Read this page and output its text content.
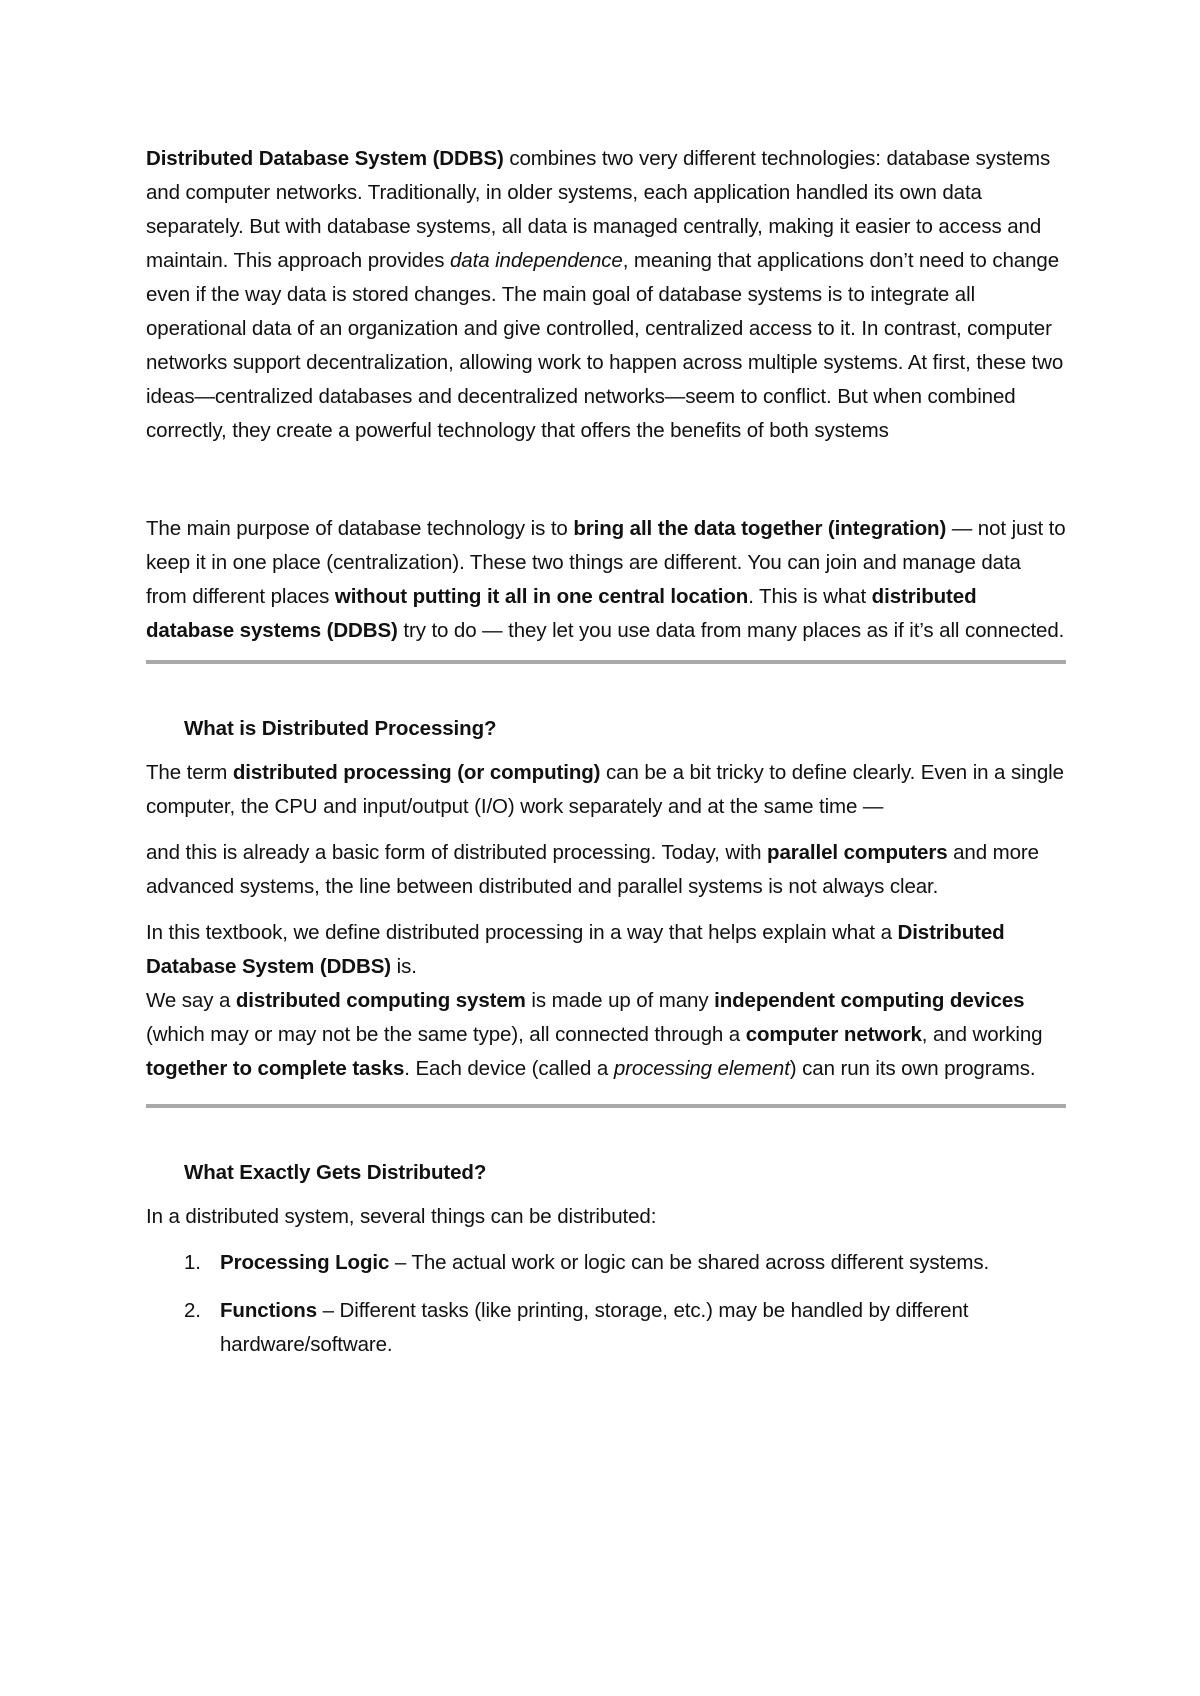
Distributed Database System (DDBS) combines two very different technologies: database systems and computer networks. Traditionally, in older systems, each application handled its own data separately. But with database systems, all data is managed centrally, making it easier to access and maintain. This approach provides data independence, meaning that applications don’t need to change even if the way data is stored changes. The main goal of database systems is to integrate all operational data of an organization and give controlled, centralized access to it. In contrast, computer networks support decentralization, allowing work to happen across multiple systems. At first, these two ideas—centralized databases and decentralized networks—seem to conflict. But when combined correctly, they create a powerful technology that offers the benefits of both systems

The main purpose of database technology is to bring all the data together (integration) — not just to keep it in one place (centralization). These two things are different. You can join and manage data from different places without putting it all in one central location. This is what distributed database systems (DDBS) try to do — they let you use data from many places as if it’s all connected.

What is Distributed Processing?

The term distributed processing (or computing) can be a bit tricky to define clearly. Even in a single computer, the CPU and input/output (I/O) work separately and at the same time —

and this is already a basic form of distributed processing. Today, with parallel computers and more advanced systems, the line between distributed and parallel systems is not always clear.

In this textbook, we define distributed processing in a way that helps explain what a Distributed Database System (DDBS) is.

We say a distributed computing system is made up of many independent computing devices (which may or may not be the same type), all connected through a computer network, and working together to complete tasks. Each device (called a processing element) can run its own programs.

What Exactly Gets Distributed?

In a distributed system, several things can be distributed:

1. Processing Logic – The actual work or logic can be shared across different systems.
2. Functions – Different tasks (like printing, storage, etc.) may be handled by different hardware/software.
